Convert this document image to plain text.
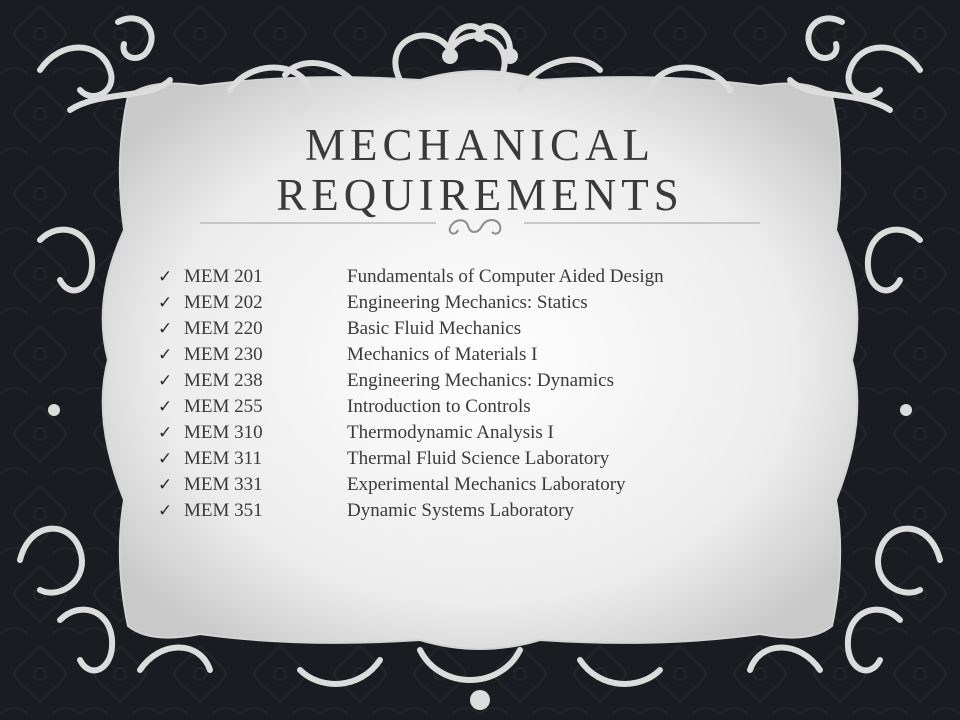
MECHANICAL
REQUIREMENTS
✓ MEM 201	Fundamentals of Computer Aided Design
✓ MEM 202	Engineering Mechanics: Statics
✓ MEM 220	Basic Fluid Mechanics
✓ MEM 230	Mechanics of Materials I
✓ MEM 238	Engineering Mechanics: Dynamics
✓ MEM 255	Introduction to Controls
✓ MEM 310	Thermodynamic Analysis I
✓ MEM 311	Thermal Fluid Science Laboratory
✓ MEM 331	Experimental Mechanics Laboratory
✓ MEM 351	Dynamic Systems Laboratory
